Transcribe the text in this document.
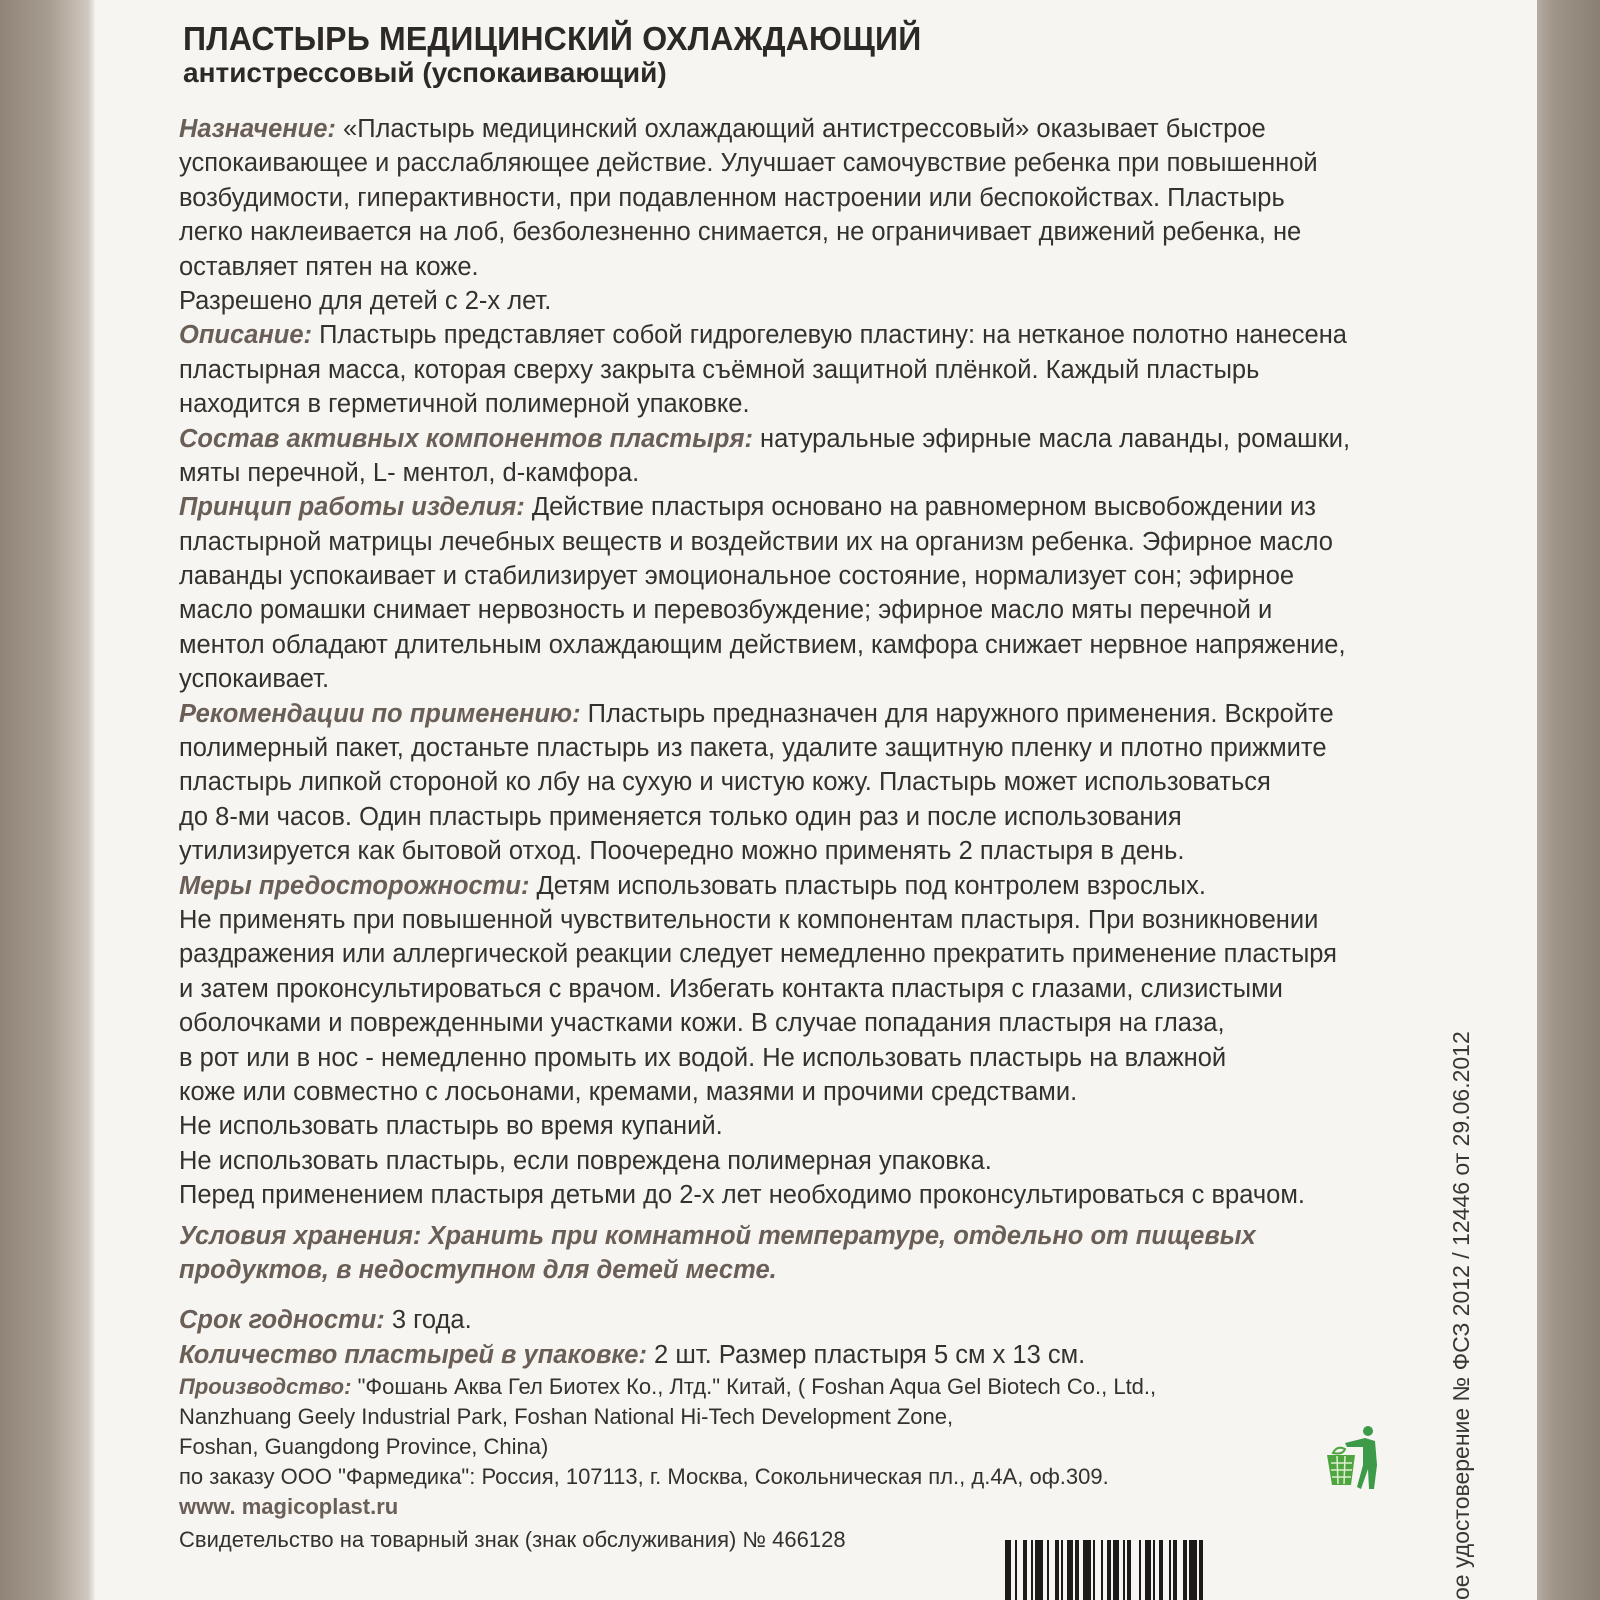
ПЛАСТЫРЬ МЕДИЦИНСКИЙ ОХЛАЖДАЮЩИЙ
антистрессовый (успокаивающий)
Назначение: «Пластырь медицинский охлаждающий антистрессовый» оказывает быстрое
успокаивающее и расслабляющее действие. Улучшает самочувствие ребенка при повышенной
возбудимости, гиперактивности, при подавленном настроении или беспокойствах. Пластырь
легко наклеивается на лоб, безболезненно снимается, не ограничивает движений ребенка, не
оставляет пятен на коже.
Разрешено для детей с 2-х лет.
Описание: Пластырь представляет собой гидрогелевую пластину: на нетканое полотно нанесена
пластырная масса, которая сверху закрыта съёмной защитной плёнкой. Каждый пластырь
находится в герметичной полимерной упаковке.
Состав активных компонентов пластыря: натуральные эфирные масла лаванды, ромашки,
мяты перечной, L- ментол, d-камфора.
Принцип работы изделия: Действие пластыря основано на равномерном высвобождении из
пластырной матрицы лечебных веществ и воздействии их на организм ребенка. Эфирное масло
лаванды успокаивает и стабилизирует эмоциональное состояние, нормализует сон; эфирное
масло ромашки снимает нервозность и перевозбуждение; эфирное масло мяты перечной и
ментол обладают длительным охлаждающим действием, камфора снижает нервное напряжение,
успокаивает.
Рекомендации по применению: Пластырь предназначен для наружного применения. Вскройте
полимерный пакет, достаньте пластырь из пакета, удалите защитную пленку и плотно прижмите
пластырь липкой стороной ко лбу на сухую и чистую кожу. Пластырь может использоваться
до 8-ми часов. Один пластырь применяется только один раз и после использования
утилизируется как бытовой отход. Поочередно можно применять 2 пластыря в день.
Меры предосторожности: Детям использовать пластырь под контролем взрослых.
Не применять при повышенной чувствительности к компонентам пластыря. При возникновении
раздражения или аллергической реакции следует немедленно прекратить применение пластыря
и затем проконсультироваться с врачом. Избегать контакта пластыря с глазами, слизистыми
оболочками и поврежденными участками кожи. В случае попадания пластыря на глаза,
в рот или в нос - немедленно промыть их водой. Не использовать пластырь на влажной
коже или совместно с лосьонами, кремами, мазями и прочими средствами.
Не использовать пластырь во время купаний.
Не использовать пластырь, если повреждена полимерная упаковка.
Перед применением пластыря детьми до 2-х лет необходимо проконсультироваться с врачом.
Условия хранения: Хранить при комнатной температуре, отдельно от пищевых
продуктов, в недоступном для детей месте.
Срок годности: 3 года.
Количество пластырей в упаковке: 2 шт. Размер пластыря 5 см х 13 см.
Производство: "Фошань Аква Гел Биотех Ко., Лтд." Китай, ( Foshan Aqua Gel Biotech Co., Ltd.,
Nanzhuang Geely Industrial Park, Foshan National Hi-Tech Development Zone,
Foshan, Guangdong Province, China)
по заказу ООО "Фармедика": Россия, 107113, г. Москва, Сокольническая пл., д.4А, оф.309.
www. magicoplast.ru
Свидетельство на товарный знак (знак обслуживания) № 466128	ое удостоверение № ФСЗ 2012 / 12446 от 29.06.2012
